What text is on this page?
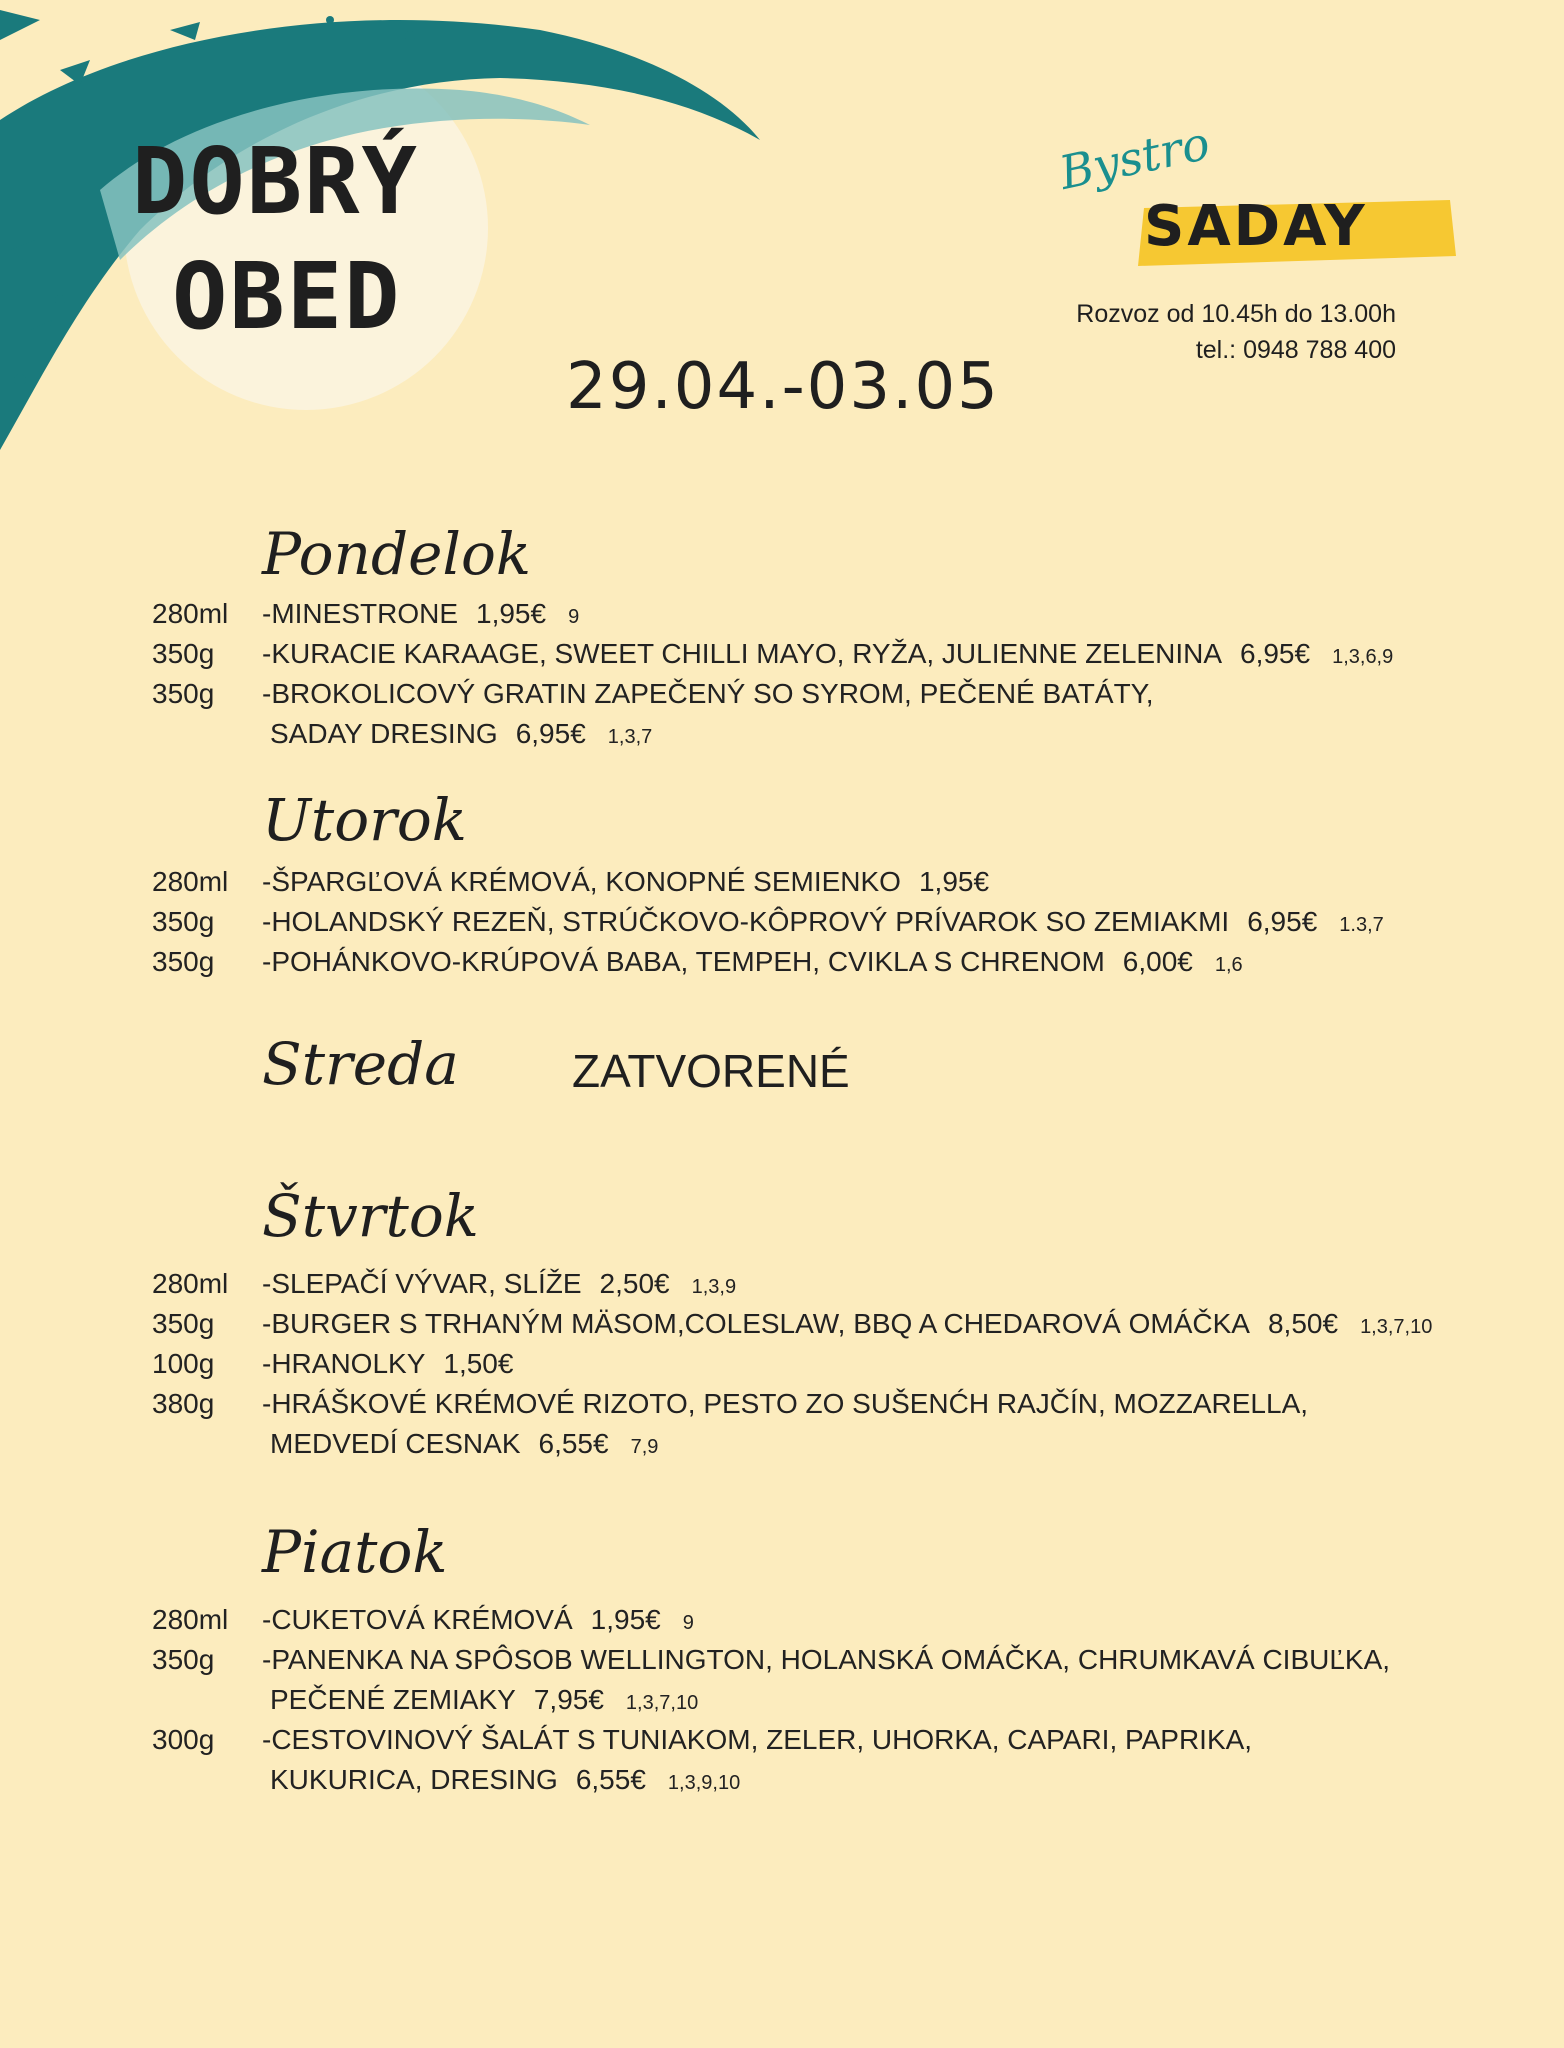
DOBRÝ
OBED
Bystro
SADAY
Rozvoz od 10.45h do 13.00h
tel.: 0948 788 400
29.04.-03.05
Pondelok
280ml -MINESTRONE 1,95€ 9
350g -KURACIE KARAAGE, SWEET CHILLI MAYO, RYŽA, JULIENNE ZELENINA 6,95€ 1,3,6,9
350g -BROKOLICOVÝ GRATIN ZAPEČENÝ SO SYROM, PEČENÉ BATÁTY,
SADAY DRESING 6,95€ 1,3,7
Utorok
280ml -ŠPARGĽOVÁ KRÉMOVÁ, KONOPNÉ SEMIENKO 1,95€
350g -HOLANDSKÝ REZEŇ, STRÚČKOVO-KÔPROVÝ PRÍVAROK SO ZEMIAKMI 6,95€ 1.3,7
350g -POHÁNKOVO-KRÚPOVÁ BABA, TEMPEH, CVIKLA S CHRENOM 6,00€ 1,6
Streda ZATVORENÉ
Štvrtok
280ml -SLEPAČÍ VÝVAR, SLÍŽE 2,50€ 1,3,9
350g -BURGER S TRHANÝM MÄSOM,COLESLAW, BBQ A CHEDAROVÁ OMÁČKA 8,50€ 1,3,7,10
100g -HRANOLKY 1,50€
380g -HRÁŠKOVÉ KRÉMOVÉ RIZOTO, PESTO ZO SUŠENĆH RAJČÍN, MOZZARELLA,
MEDVEDÍ CESNAK 6,55€ 7,9
Piatok
280ml -CUKETOVÁ KRÉMOVÁ 1,95€ 9
350g -PANENKA NA SPÔSOB WELLINGTON, HOLANSKÁ OMÁČKA, CHRUMKAVÁ CIBUĽKA,
PEČENÉ ZEMIAKY 7,95€ 1,3,7,10
300g -CESTOVINOVÝ ŠALÁT S TUNIAKOM, ZELER, UHORKA, CAPARI, PAPRIKA,
KUKURICA, DRESING 6,55€ 1,3,9,10
